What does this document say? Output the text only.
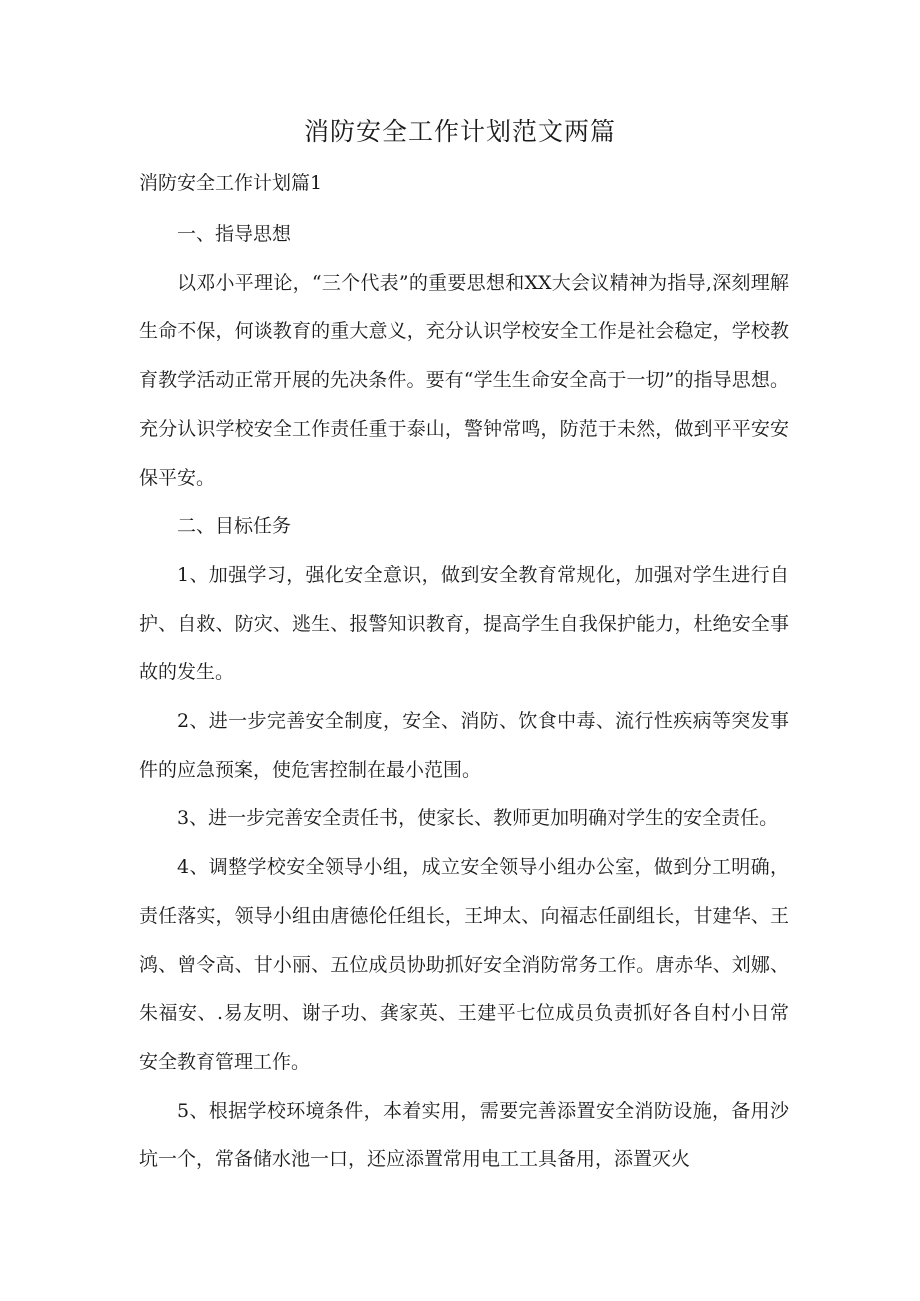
消防安全工作计划范文两篇
消防安全工作计划篇1

一、指导思想

以邓小平理论，“三个代表”的重要思想和XX大会议精神为指导,深刻理解生命不保，何谈教育的重大意义，充分认识学校安全工作是社会稳定，学校教育教学活动正常开展的先决条件。要有“学生生命安全高于一切”的指导思想。充分认识学校安全工作责任重于泰山，警钟常鸣，防范于未然，做到平平安安保平安。

二、目标任务

1、加强学习，强化安全意识，做到安全教育常规化，加强对学生进行自护、自救、防灾、逃生、报警知识教育，提高学生自我保护能力，杜绝安全事故的发生。

2、进一步完善安全制度，安全、消防、饮食中毒、流行性疾病等突发事件的应急预案，使危害控制在最小范围。

3、进一步完善安全责任书，使家长、教师更加明确对学生的安全责任。

4、调整学校安全领导小组，成立安全领导小组办公室，做到分工明确，责任落实，领导小组由唐德伦任组长，王坤太、向福志任副组长，甘建华、王鸿、曾令高、甘小丽、五位成员协助抓好安全消防常务工作。唐赤华、刘娜、朱福安、.易友明、谢子功、龚家英、王建平七位成员负责抓好各自村小日常安全教育管理工作。

5、根据学校环境条件，本着实用，需要完善添置安全消防设施，备用沙坑一个，常备储水池一口，还应添置常用电工工具备用，添置灭火
